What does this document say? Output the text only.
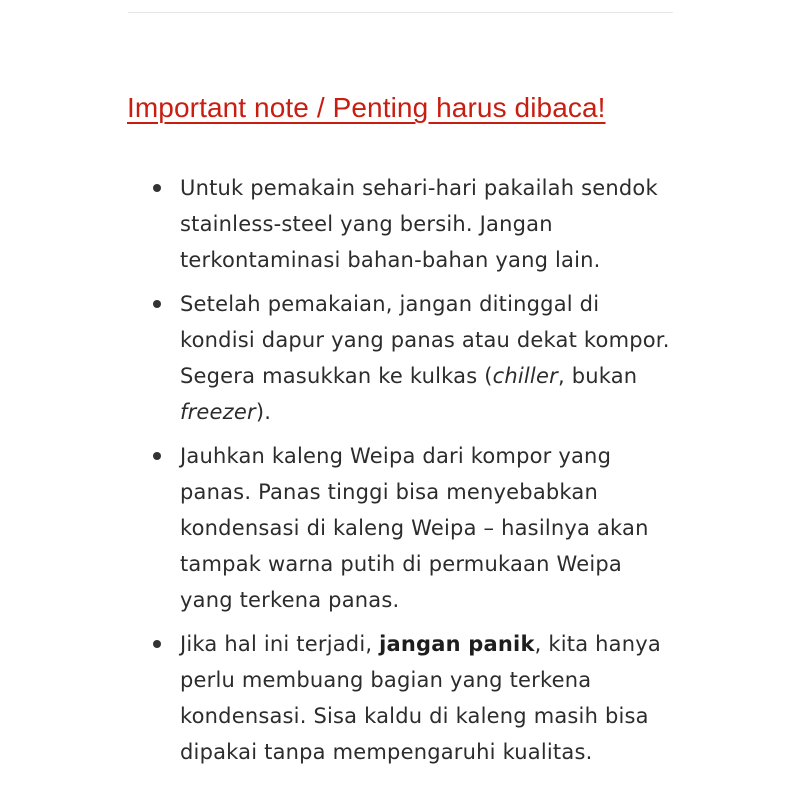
Important note / Penting harus dibaca!
Untuk pemakain sehari-hari pakailah sendok stainless-steel yang bersih. Jangan terkontaminasi bahan-bahan yang lain.
Setelah pemakaian, jangan ditinggal di kondisi dapur yang panas atau dekat kompor. Segera masukkan ke kulkas (chiller, bukan freezer).
Jauhkan kaleng Weipa dari kompor yang panas. Panas tinggi bisa menyebabkan kondensasi di kaleng Weipa – hasilnya akan tampak warna putih di permukaan Weipa yang terkena panas.
Jika hal ini terjadi, jangan panik, kita hanya perlu membuang bagian yang terkena kondensasi. Sisa kaldu di kaleng masih bisa dipakai tanpa mempengaruhi kualitas.
